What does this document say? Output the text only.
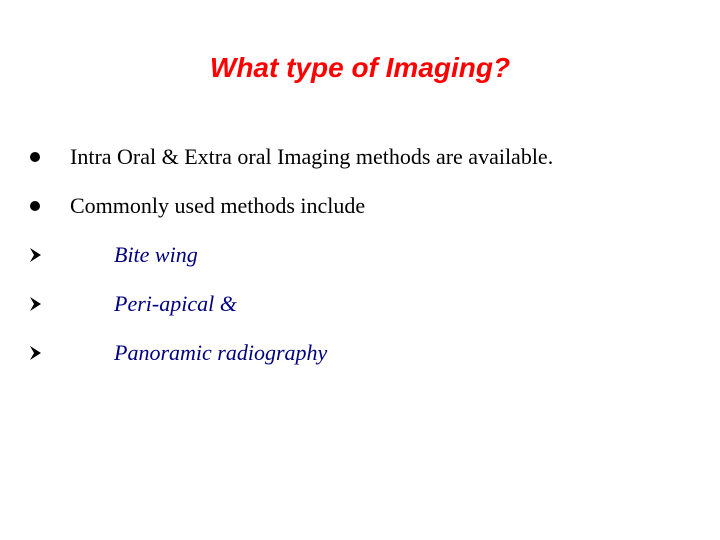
What type of Imaging?
Intra Oral & Extra oral Imaging methods are available.
Commonly used methods include
Bite wing
Peri-apical &
Panoramic radiography
